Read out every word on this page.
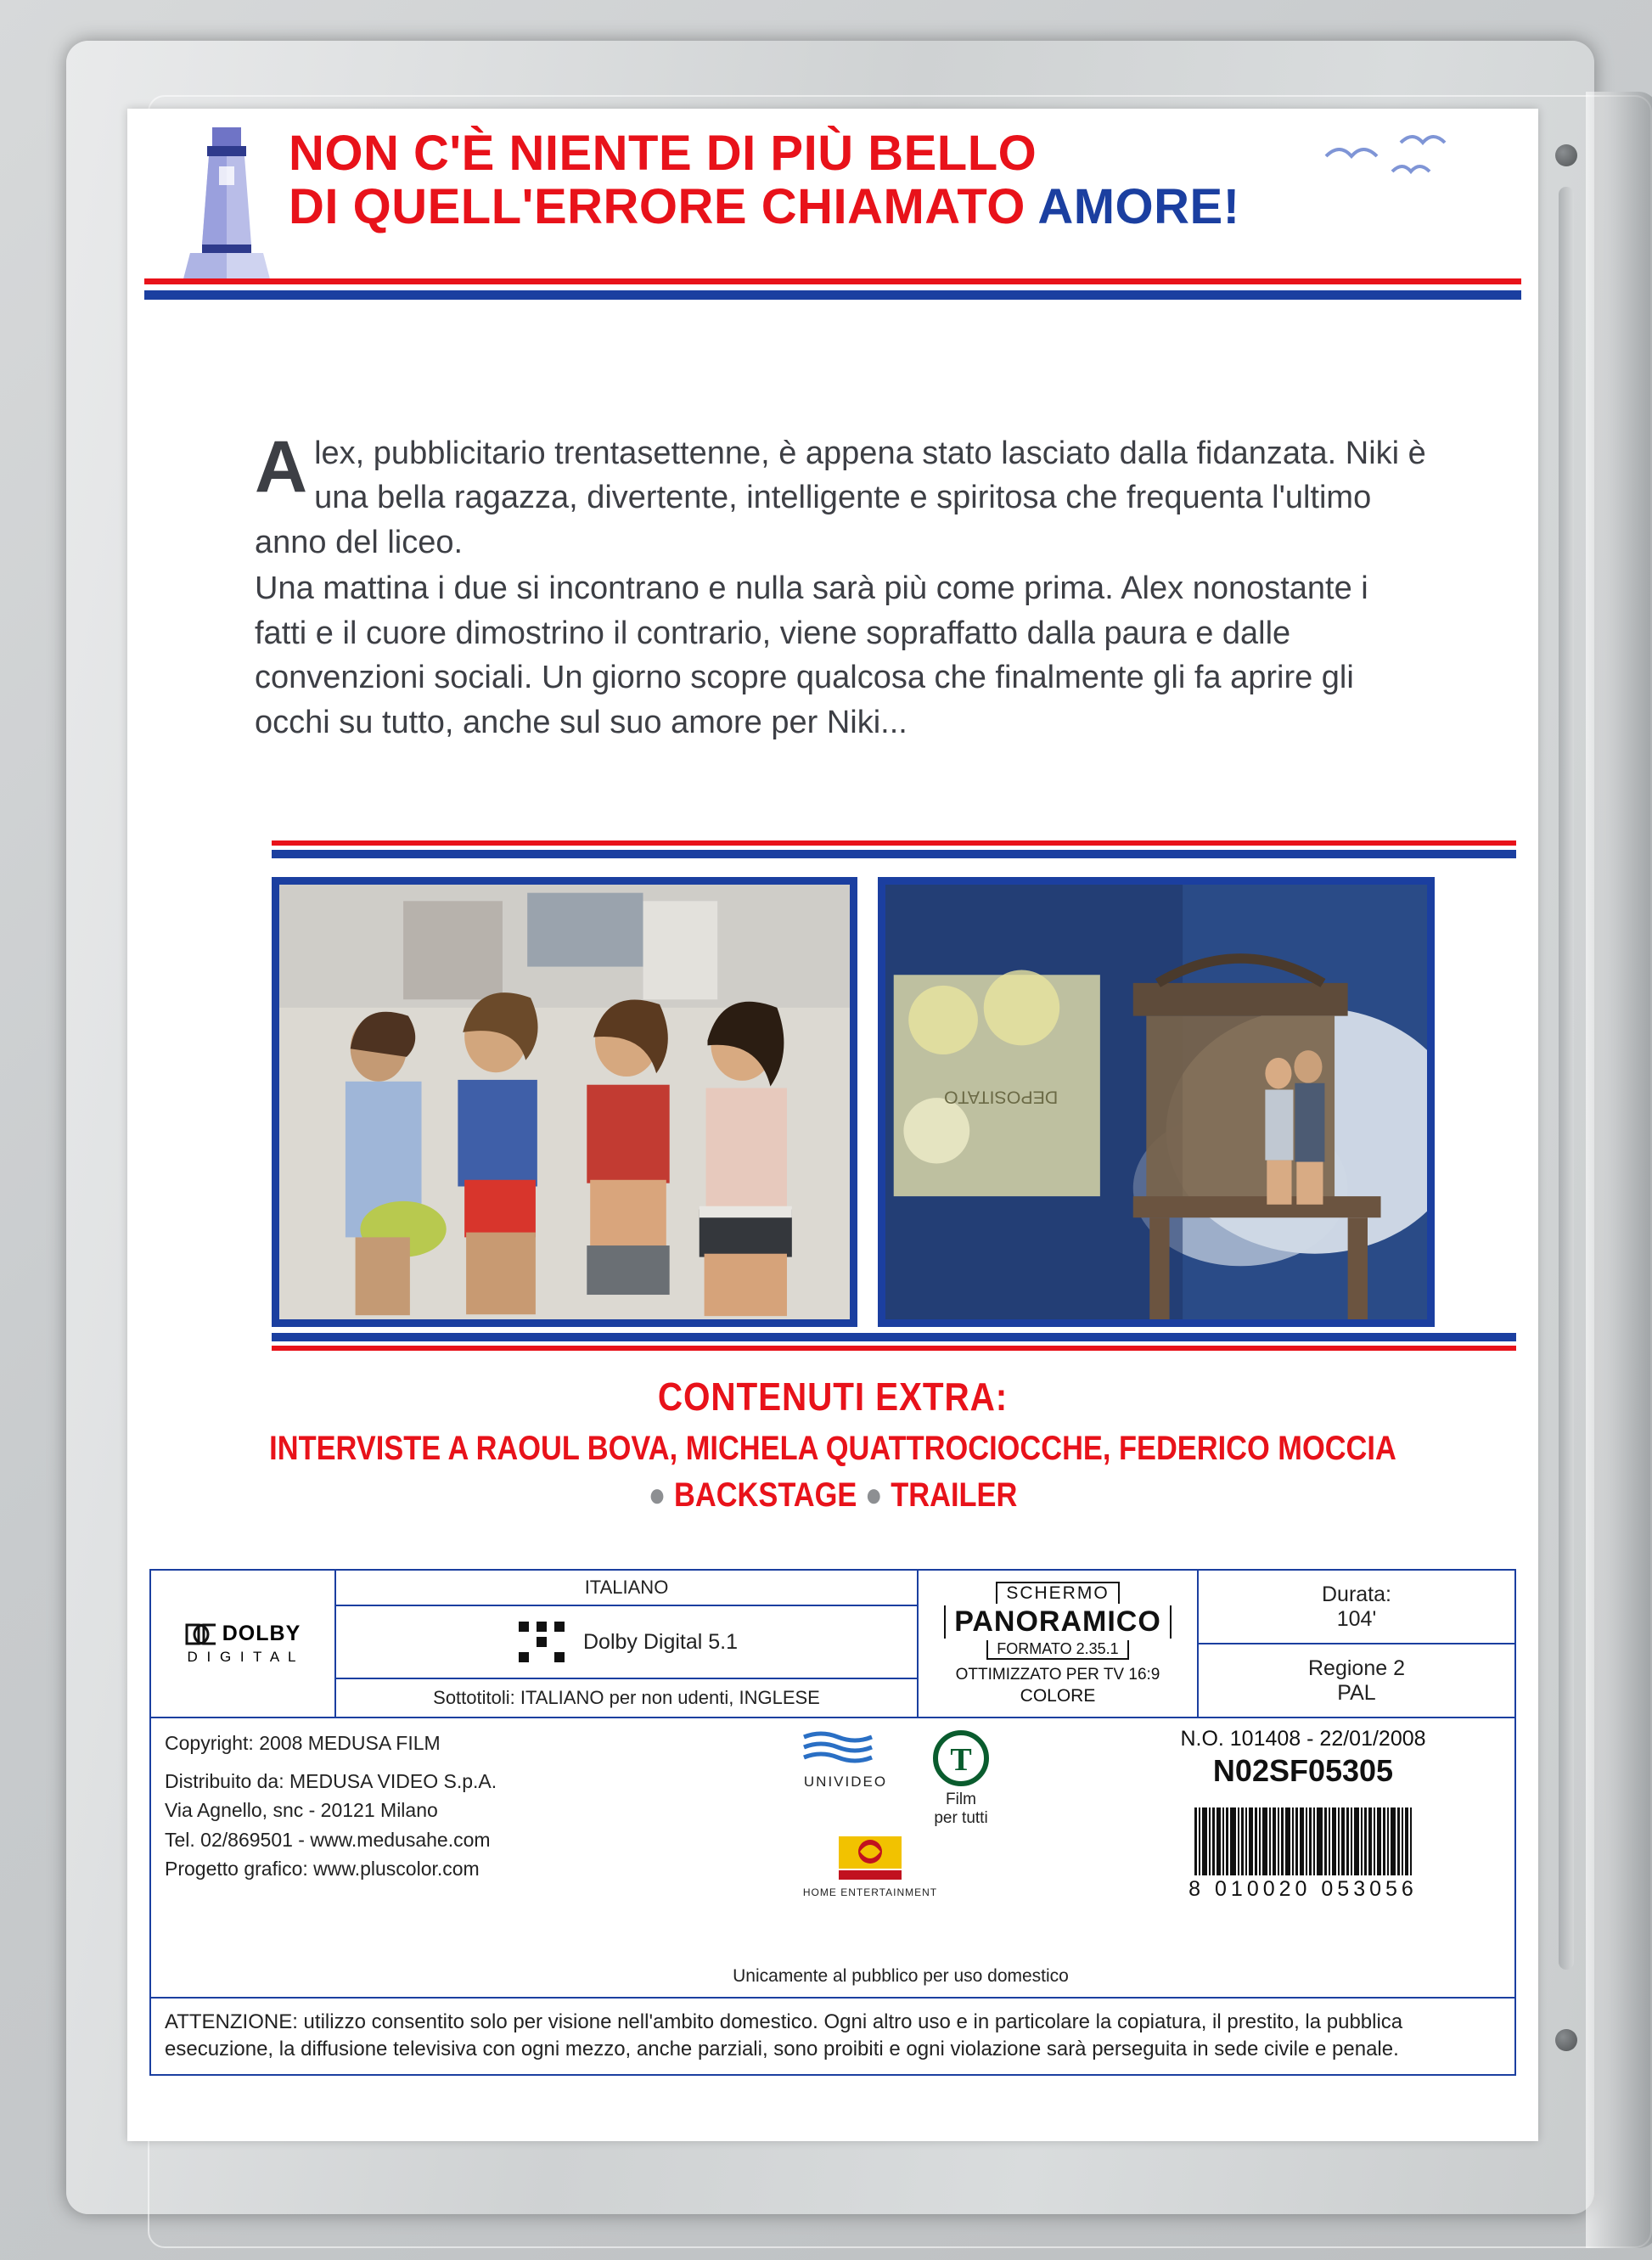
NON C'È NIENTE DI PIÙ BELLO
DI QUELL'ERRORE CHIAMATO AMORE!

Alex, pubblicitario trentasettenne, è appena stato lasciato dalla fidanzata. Niki è una bella ragazza, divertente, intelligente e spiritosa che frequenta l'ultimo anno del liceo.

Una mattina i due si incontrano e nulla sarà più come prima. Alex nonostante i fatti e il cuore dimostrino il contrario, viene sopraffatto dalla paura e dalle convenzioni sociali. Un giorno scopre qualcosa che finalmente gli fa aprire gli occhi su tutto, anche sul suo amore per Niki...

DEPOSITATO
CONTENUTI EXTRA:
INTERVISTE A RAOUL BOVA, MICHELA QUATTROCIOCCHE, FEDERICO MOCCIA
● BACKSTAGE ● TRAILER
DOLBY
D I G I T A L
ITALIANO
Dolby Digital 5.1
Sottotitoli: ITALIANO per non udenti, INGLESE
SCHERMO
PANORAMICO
FORMATO 2.35.1
OTTIMIZZATO PER TV 16:9
COLORE
Durata:
104'
Regione 2
PAL
Copyright: 2008 MEDUSA FILM
Distribuito da: MEDUSA VIDEO S.p.A.
Via Agnello, snc - 20121 Milano
Tel. 02/869501 - www.medusahe.com
Progetto grafico: www.pluscolor.com
UNIVIDEO
T
Film
per tutti
HOME ENTERTAINMENT
Unicamente al pubblico per uso domestico
N.O. 101408 - 22/01/2008
N02SF05305
8 010020 053056
ATTENZIONE: utilizzo consentito solo per visione nell'ambito domestico. Ogni altro uso e in particolare la copiatura, il prestito, la pubblica esecuzione, la diffusione televisiva con ogni mezzo, anche parziali, sono proibiti e ogni violazione sarà perseguita in sede civile e penale.
